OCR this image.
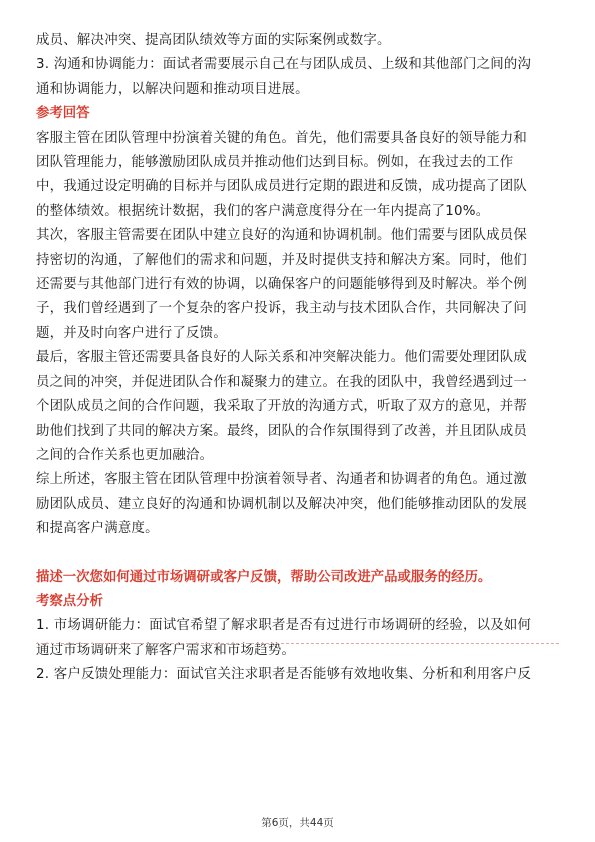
成员、解决冲突、提高团队绩效等方面的实际案例或数字。
3. 沟通和协调能力：面试者需要展示自己在与团队成员、上级和其他部门之间的沟
通和协调能力，以解决问题和推动项目进展。
参考回答
客服主管在团队管理中扮演着关键的角色。首先，他们需要具备良好的领导能力和
团队管理能力，能够激励团队成员并推动他们达到目标。例如，在我过去的工作
中，我通过设定明确的目标并与团队成员进行定期的跟进和反馈，成功提高了团队
的整体绩效。根据统计数据，我们的客户满意度得分在一年内提高了10%。
其次，客服主管需要在团队中建立良好的沟通和协调机制。他们需要与团队成员保
持密切的沟通，了解他们的需求和问题，并及时提供支持和解决方案。同时，他们
还需要与其他部门进行有效的协调，以确保客户的问题能够得到及时解决。举个例
子，我们曾经遇到了一个复杂的客户投诉，我主动与技术团队合作，共同解决了问
题，并及时向客户进行了反馈。
最后，客服主管还需要具备良好的人际关系和冲突解决能力。他们需要处理团队成
员之间的冲突，并促进团队合作和凝聚力的建立。在我的团队中，我曾经遇到过一
个团队成员之间的合作问题，我采取了开放的沟通方式，听取了双方的意见，并帮
助他们找到了共同的解决方案。最终，团队的合作氛围得到了改善，并且团队成员
之间的合作关系也更加融洽。
综上所述，客服主管在团队管理中扮演着领导者、沟通者和协调者的角色。通过激
励团队成员、建立良好的沟通和协调机制以及解决冲突，他们能够推动团队的发展
和提高客户满意度。
描述一次您如何通过市场调研或客户反馈，帮助公司改进产品或服务的经历。
考察点分析
1. 市场调研能力：面试官希望了解求职者是否有过进行市场调研的经验，以及如何
通过市场调研来了解客户需求和市场趋势。
2. 客户反馈处理能力：面试官关注求职者是否能够有效地收集、分析和利用客户反
第6页，共44页
